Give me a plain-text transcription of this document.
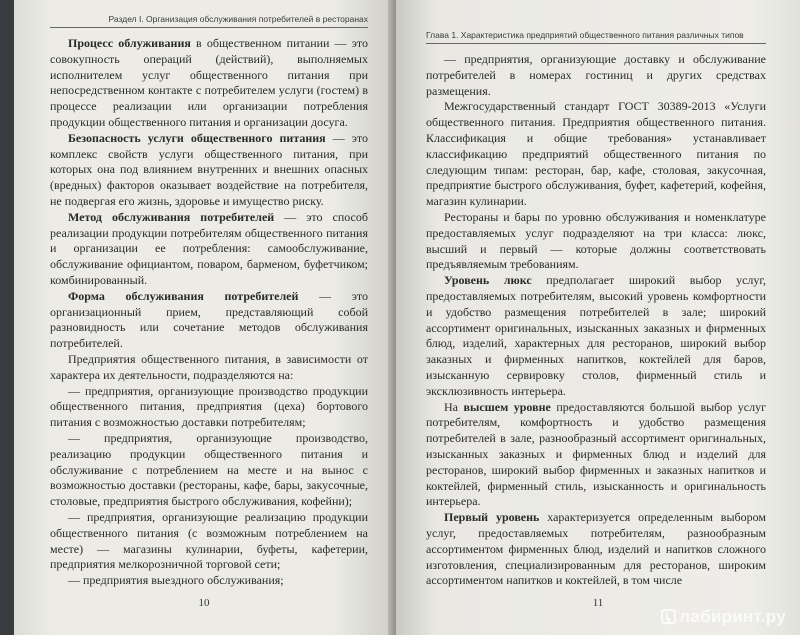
Раздел I. Организация обслуживания потребителей в ресторанах

Процесс облуживания в общественном питании — это совокупность операций (действий), выполняемых исполнителем услуг общественного питания при непосредственном контакте с потребителем услуги (гостем) в процессе реализации или организации потребления продукции общественного питания и организации досуга.

Безопасность услуги общественного питания — это комплекс свойств услуги общественного питания, при которых она под влиянием внутренних и внешних опасных (вредных) факторов оказывает воздействие на потребителя, не подвергая его жизнь, здоровье и имущество риску.

Метод обслуживания потребителей — это способ реализации продукции потребителям общественного питания и организации ее потребления: самообслуживание, обслуживание официантом, поваром, барменом, буфетчиком; комбинированный.

Форма обслуживания потребителей — это организационный прием, представляющий собой разновидность или сочетание методов обслуживания потребителей.

Предприятия общественного питания, в зависимости от характера их деятельности, подразделяются на:

— предприятия, организующие производство продукции общественного питания, предприятия (цеха) бортового питания с возможностью доставки потребителям;

— предприятия, организующие производство, реализацию продукции общественного питания и обслуживание с потреблением на месте и на вынос с возможностью доставки (рестораны, кафе, бары, закусочные, столовые, предприятия быстрого обслуживания, кофейни);

— предприятия, организующие реализацию продукции общественного питания (с возможным потреблением на месте) — магазины кулинарии, буфеты, кафетерии, предприятия мелкорозничной торговой сети;

— предприятия выездного обслуживания;

10
Глава 1. Характеристика предприятий общественного питания различных типов

— предприятия, организующие доставку и обслуживание потребителей в номерах гостиниц и других средствах размещения.

Межгосударственный стандарт ГОСТ 30389-2013 «Услуги общественного питания. Предприятия общественного питания. Классификация и общие требования» устанавливает классификацию предприятий общественного питания по следующим типам: ресторан, бар, кафе, столовая, закусочная, предприятие быстрого обслуживания, буфет, кафетерий, кофейня, магазин кулинарии.

Рестораны и бары по уровню обслуживания и номенклатуре предоставляемых услуг подразделяют на три класса: люкс, высший и первый — которые должны соответствовать предъявляемым требованиям.

Уровень люкс предполагает широкий выбор услуг, предоставляемых потребителям, высокий уровень комфортности и удобство размещения потребителей в зале; широкий ассортимент оригинальных, изысканных заказных и фирменных блюд, изделий, характерных для ресторанов, широкий выбор заказных и фирменных напитков, коктейлей для баров, изысканную сервировку столов, фирменный стиль и эксклюзивность интерьера.

На высшем уровне предоставляются большой выбор услуг потребителям, комфортность и удобство размещения потребителей в зале, разнообразный ассортимент оригинальных, изысканных заказных и фирменных блюд и изделий для ресторанов, широкий выбор фирменных и заказных напитков и коктейлей, фирменный стиль, изысканность и оригинальность интерьера.

Первый уровень характеризуется определенным выбором услуг, предоставляемых потребителям, разнообразным ассортиментом фирменных блюд, изделий и напитков сложного изготовления, специализированным для ресторанов, широким ассортиментом напитков и коктейлей, в том числе

11
лабиринт.ру
